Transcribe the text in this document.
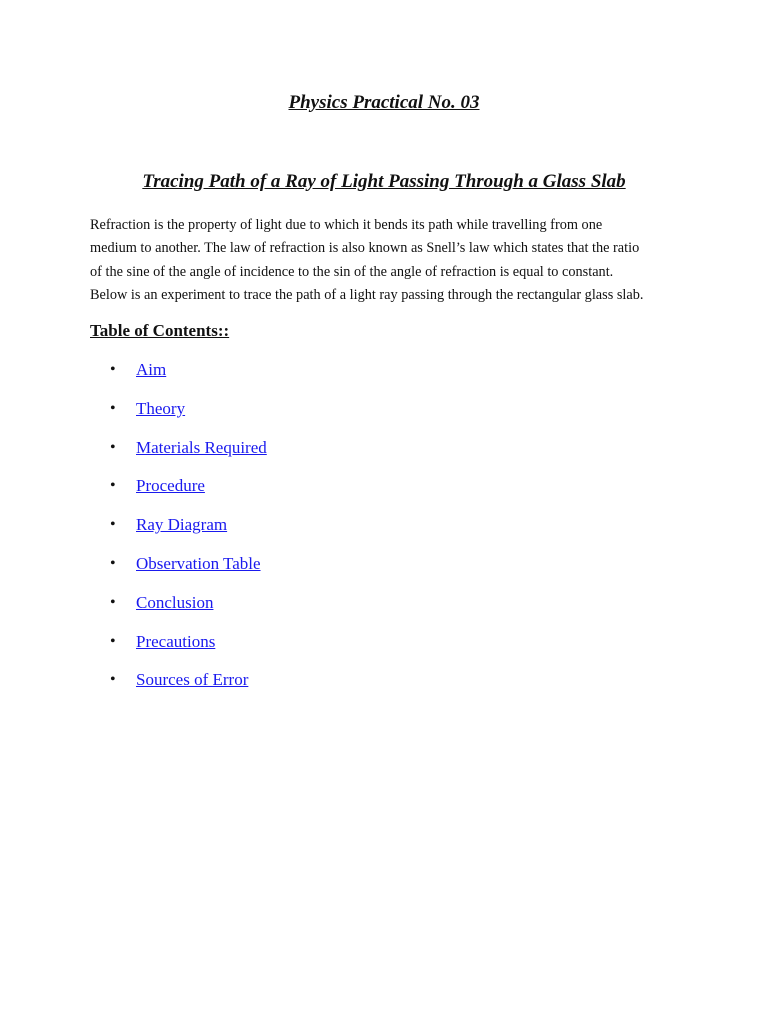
Physics Practical No. 03
Tracing Path of a Ray of Light Passing Through a Glass Slab

Refraction is the property of light due to which it bends its path while travelling from one
medium to another. The law of refraction is also known as Snell’s law which states that the ratio
of the sine of the angle of incidence to the sin of the angle of refraction is equal to constant.
Below is an experiment to trace the path of a light ray passing through the rectangular glass slab.

Table of Contents::
• Aim
• Theory
• Materials Required
• Procedure
• Ray Diagram
• Observation Table
• Conclusion
• Precautions
• Sources of Error
